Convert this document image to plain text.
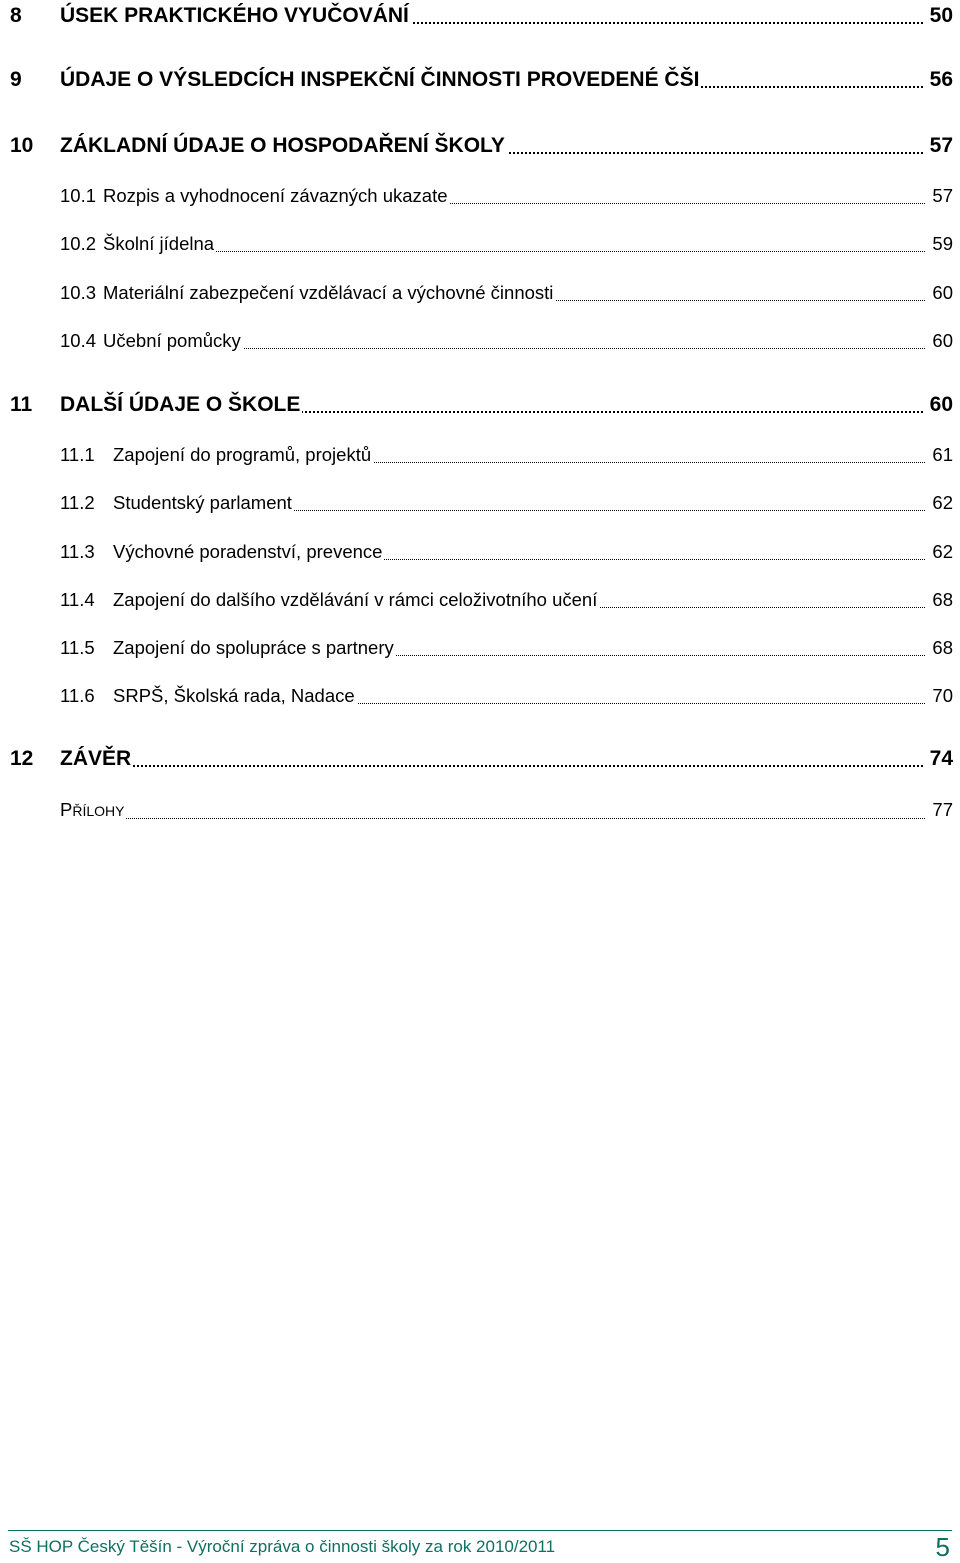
8 ÚSEK PRAKTICKÉHO VYUČOVÁNÍ	50
9 ÚDAJE O VÝSLEDCÍCH INSPEKČNÍ ČINNOSTI PROVEDENÉ ČŠI	56
10 ZÁKLADNÍ ÚDAJE O HOSPODAŘENÍ ŠKOLY	57
10.1 Rozpis a vyhodnocení závazných ukazate	57
10.2 Školní jídelna	59
10.3 Materiální zabezpečení vzdělávací a výchovné činnosti	60
10.4 Učební pomůcky	60
11 DALŠÍ ÚDAJE O ŠKOLE	60
11.1 Zapojení do programů, projektů	61
11.2 Studentský parlament	62
11.3 Výchovné poradenství, prevence	62
11.4 Zapojení do dalšího vzdělávání v rámci celoživotního učení	68
11.5 Zapojení do spolupráce s partnery	68
11.6 SRPŠ, Školská rada, Nadace	70
12 ZÁVĚR	74
PŘÍLOHY	77
SŠ HOP Český Těšín - Výroční zpráva o činnosti školy za rok 2010/2011	5
